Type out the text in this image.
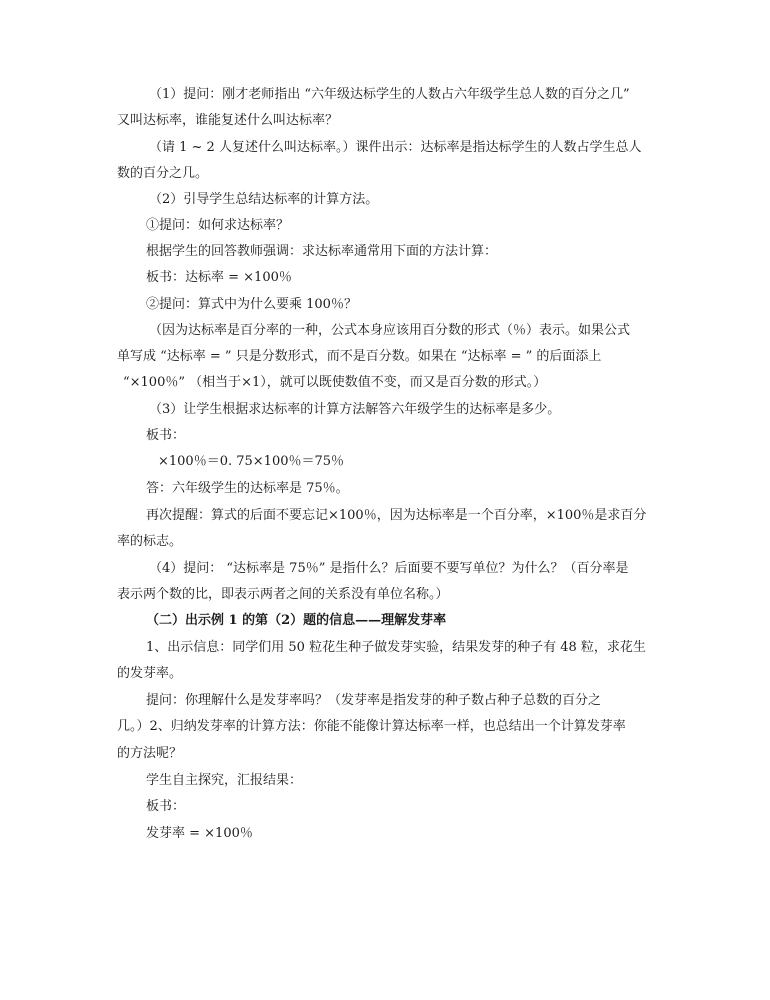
（1）提问：刚才老师指出 “六年级达标学生的人数占六年级学生总人数的百分之几”
又叫达标率，谁能复述什么叫达标率？
（请 1 ~ 2 人复述什么叫达标率。）课件出示：达标率是指达标学生的人数占学生总人
数的百分之几。
（2）引导学生总结达标率的计算方法。
①提问：如何求达标率？
根据学生的回答教师强调：求达标率通常用下面的方法计算：
板书：达标率 = ×100％
②提问：算式中为什么要乘 100％？
（因为达标率是百分率的一种，公式本身应该用百分数的形式（％）表示。如果公式
单写成 “达标率 = ” 只是分数形式，而不是百分数。如果在 “达标率 = ” 的后面添上
“×100％” （相当于×1），就可以既使数值不变，而又是百分数的形式。）
（3）让学生根据求达标率的计算方法解答六年级学生的达标率是多少。
板书：
×100％＝0. 75×100％＝75％
答：六年级学生的达标率是 75％。
再次提醒：算式的后面不要忘记×100％，因为达标率是一个百分率，×100％是求百分
率的标志。
（4）提问： “达标率是 75％” 是指什么？后面要不要写单位？为什么？（百分率是
表示两个数的比，即表示两者之间的关系没有单位名称。）
（二）出示例 1 的第（2）题的信息——理解发芽率
1、出示信息：同学们用 50 粒花生种子做发芽实验，结果发芽的种子有 48 粒，求花生
的发芽率。
提问：你理解什么是发芽率吗？（发芽率是指发芽的种子数占种子总数的百分之
几。）2、归纳发芽率的计算方法：你能不能像计算达标率一样，也总结出一个计算发芽率
的方法呢？
学生自主探究，汇报结果：
板书：
发芽率 = ×100％
